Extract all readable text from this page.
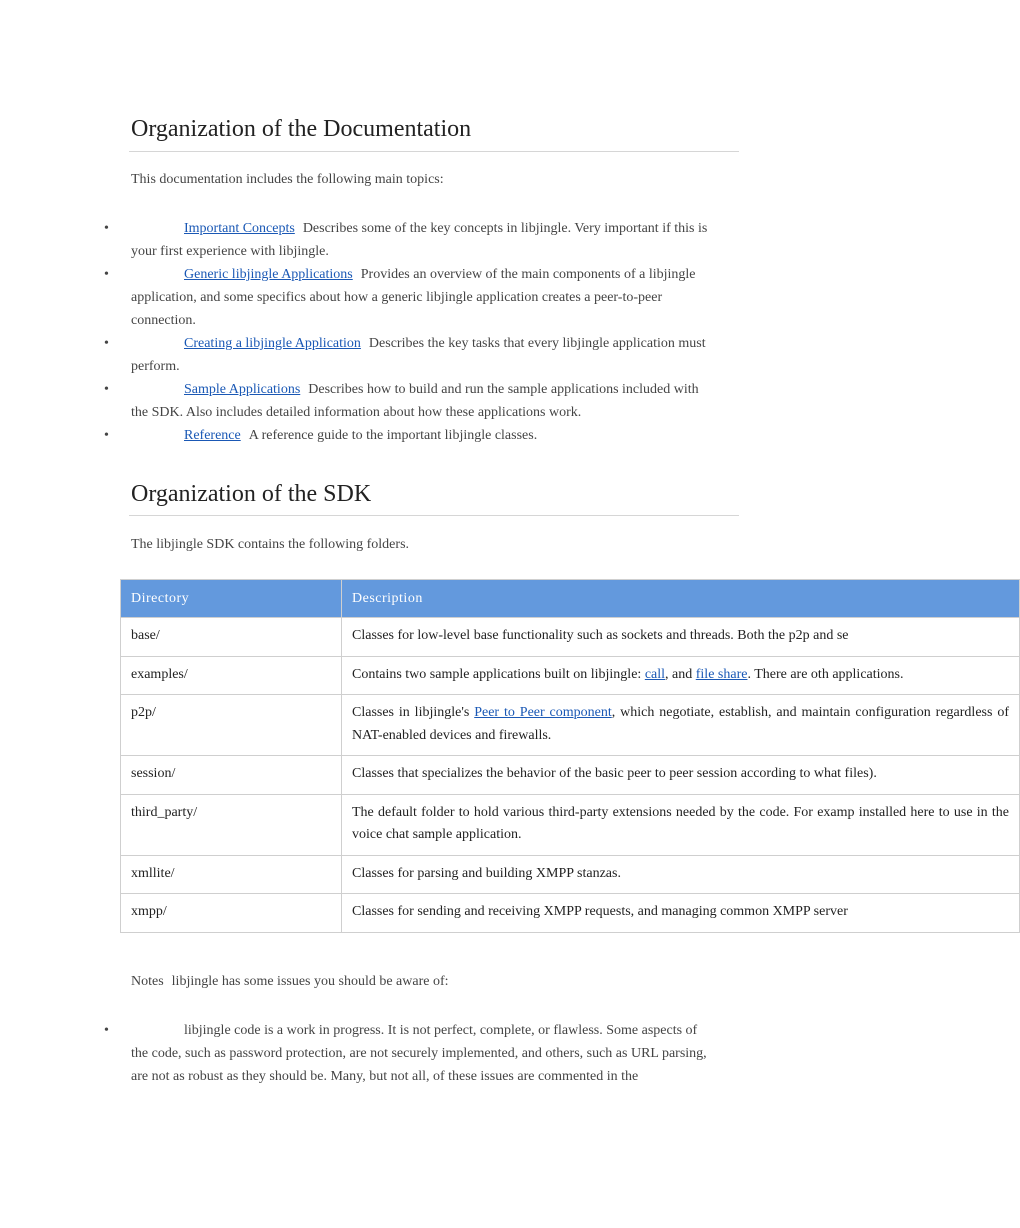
Organization of the Documentation

This documentation includes the following main topics:

•	Important Concepts Describes some of the key concepts in libjingle. Very important if this is your first experience with libjingle.
•	Generic libjingle Applications Provides an overview of the main components of a libjingle application, and some specifics about how a generic libjingle application creates a peer-to-peer connection.
•	Creating a libjingle Application Describes the key tasks that every libjingle application must perform.
•	Sample Applications Describes how to build and run the sample applications included with the SDK. Also includes detailed information about how these applications work.
•	Reference A reference guide to the important libjingle classes.
Organization of the SDK

The libjingle SDK contains the following folders.

Directory	Description
base/	Classes for low-level base functionality such as sockets and threads. Both the p2p and se
examples/	Contains two sample applications built on libjingle: call, and file share. There are oth applications.
p2p/	Classes in libjingle's Peer to Peer component, which negotiate, establish, and maintain configuration regardless of NAT-enabled devices and firewalls.
session/	Classes that specializes the behavior of the basic peer to peer session according to what files).
third_party/	The default folder to hold various third-party extensions needed by the code. For examp installed here to use in the voice chat sample application.
xmllite/	Classes for parsing and building XMPP stanzas.
xmpp/	Classes for sending and receiving XMPP requests, and managing common XMPP server

Notes libjingle has some issues you should be aware of:

•	libjingle code is a work in progress. It is not perfect, complete, or flawless. Some aspects of the code, such as password protection, are not securely implemented, and others, such as URL parsing, are not as robust as they should be. Many, but not all, of these issues are commented in the
